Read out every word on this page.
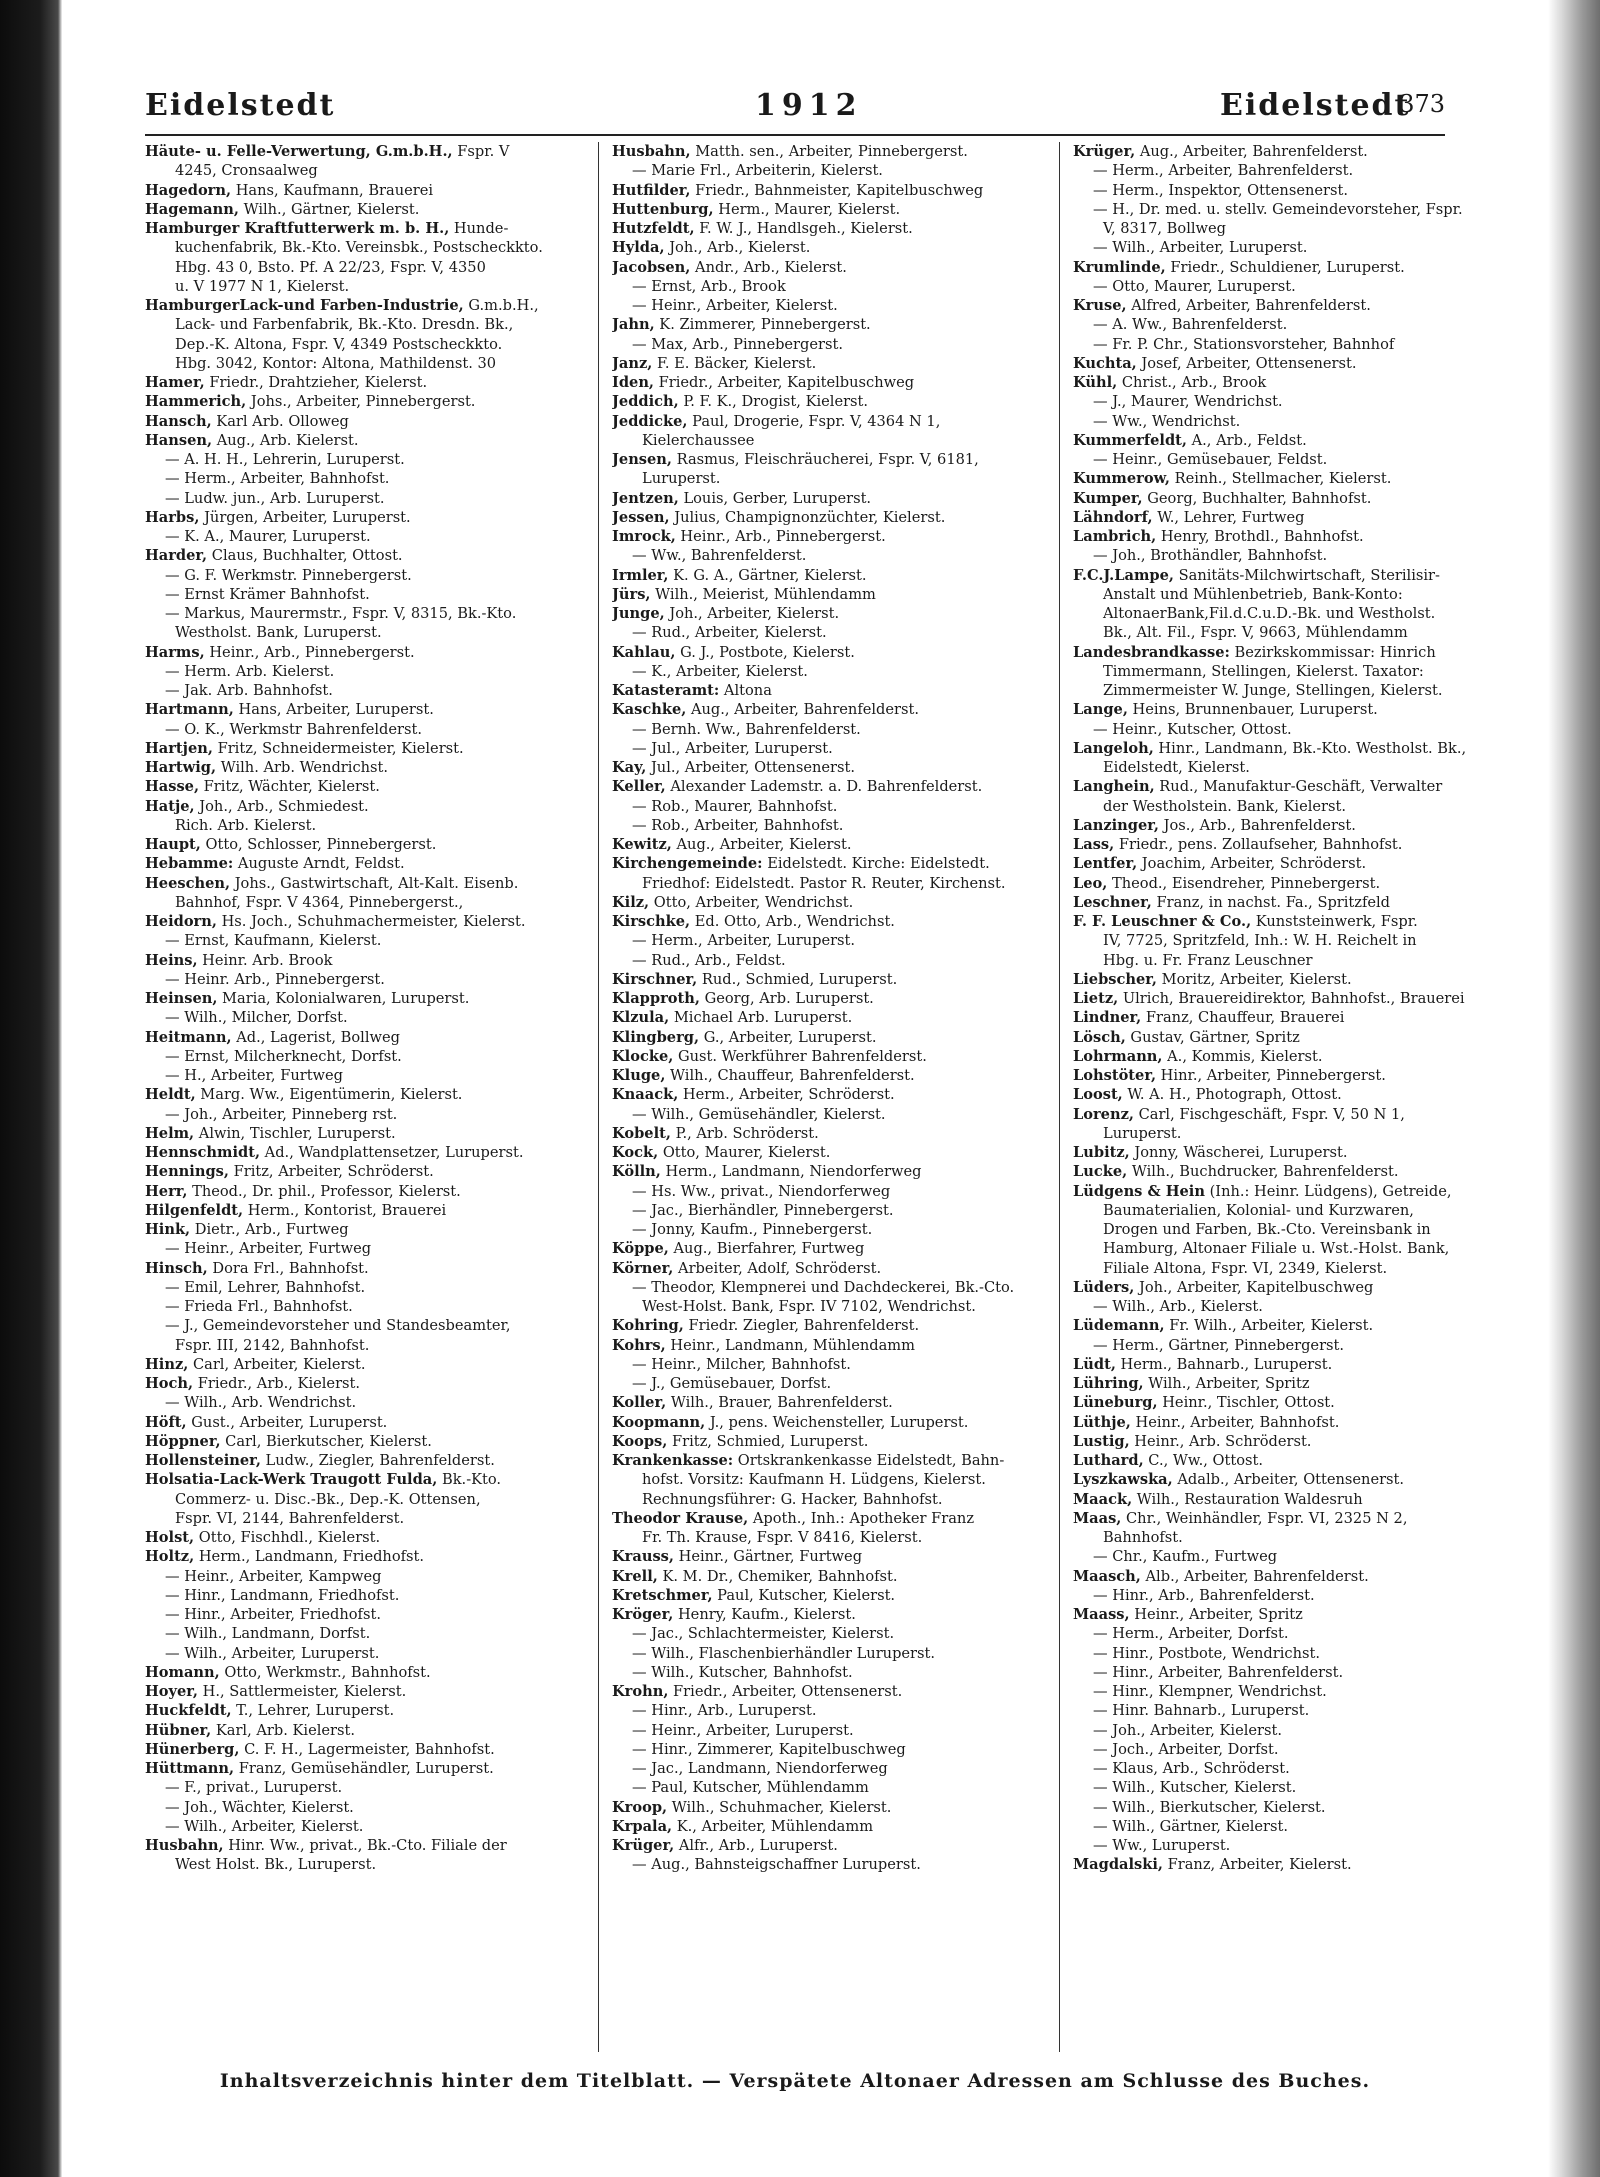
Eidelstedt	1912	Eidelstedt
373
Häute- u. Felle-Verwertung, G.m.b.H., Fspr. V
4245, Cronsaalweg
Hagedorn, Hans, Kaufmann, Brauerei
Hagemann, Wilh., Gärtner, Kielerst.
Hamburger Kraftfutterwerk m. b. H., Hunde-
kuchenfabrik, Bk.-Kto. Vereinsbk., Postscheckkto.
Hbg. 43 0, Bsto. Pf. A 22/23, Fspr. V, 4350
u. V 1977 N 1, Kielerst.
HamburgerLack-und Farben-Industrie, G.m.b.H.,
Lack- und Farbenfabrik, Bk.-Kto. Dresdn. Bk.,
Dep.-K. Altona, Fspr. V, 4349 Postscheckkto.
Hbg. 3042, Kontor: Altona, Mathildenst. 30
Hamer, Friedr., Drahtzieher, Kielerst.
Hammerich, Johs., Arbeiter, Pinnebergerst.
Hansch, Karl Arb. Olloweg
Hansen, Aug., Arb. Kielerst.
— A. H. H., Lehrerin, Luruperst.
— Herm., Arbeiter, Bahnhofst.
— Ludw. jun., Arb. Luruperst.
Harbs, Jürgen, Arbeiter, Luruperst.
— K. A., Maurer, Luruperst.
Harder, Claus, Buchhalter, Ottost.
— G. F. Werkmstr. Pinnebergerst.
— Ernst Krämer Bahnhofst.
— Markus, Maurermstr., Fspr. V, 8315, Bk.-Kto.
Westholst. Bank, Luruperst.
Harms, Heinr., Arb., Pinnebergerst.
— Herm. Arb. Kielerst.
— Jak. Arb. Bahnhofst.
Hartmann, Hans, Arbeiter, Luruperst.
— O. K., Werkmstr Bahrenfelderst.
Hartjen, Fritz, Schneidermeister, Kielerst.
Hartwig, Wilh. Arb. Wendrichst.
Hasse, Fritz, Wächter, Kielerst.
Hatje, Joh., Arb., Schmiedest.
Rich. Arb. Kielerst.
Haupt, Otto, Schlosser, Pinnebergerst.
Hebamme: Auguste Arndt, Feldst.
Heeschen, Johs., Gastwirtschaft, Alt-Kalt. Eisenb.
Bahnhof, Fspr. V 4364, Pinnebergerst.,
Heidorn, Hs. Joch., Schuhmachermeister, Kielerst.
— Ernst, Kaufmann, Kielerst.
Heins, Heinr. Arb. Brook
— Heinr. Arb., Pinnebergerst.
Heinsen, Maria, Kolonialwaren, Luruperst.
— Wilh., Milcher, Dorfst.
Heitmann, Ad., Lagerist, Bollweg
— Ernst, Milcherknecht, Dorfst.
— H., Arbeiter, Furtweg
Heldt, Marg. Ww., Eigentümerin, Kielerst.
— Joh., Arbeiter, Pinneberg rst.
Helm, Alwin, Tischler, Luruperst.
Hennschmidt, Ad., Wandplattensetzer, Luruperst.
Hennings, Fritz, Arbeiter, Schröderst.
Herr, Theod., Dr. phil., Professor, Kielerst.
Hilgenfeldt, Herm., Kontorist, Brauerei
Hink, Dietr., Arb., Furtweg
— Heinr., Arbeiter, Furtweg
Hinsch, Dora Frl., Bahnhofst.
— Emil, Lehrer, Bahnhofst.
— Frieda Frl., Bahnhofst.
— J., Gemeindevorsteher und Standesbeamter,
Fspr. III, 2142, Bahnhofst.
Hinz, Carl, Arbeiter, Kielerst.
Hoch, Friedr., Arb., Kielerst.
— Wilh., Arb. Wendrichst.
Höft, Gust., Arbeiter, Luruperst.
Höppner, Carl, Bierkutscher, Kielerst.
Hollensteiner, Ludw., Ziegler, Bahrenfelderst.
Holsatia-Lack-Werk Traugott Fulda, Bk.-Kto.
Commerz- u. Disc.-Bk., Dep.-K. Ottensen,
Fspr. VI, 2144, Bahrenfelderst.
Holst, Otto, Fischhdl., Kielerst.
Holtz, Herm., Landmann, Friedhofst.
— Heinr., Arbeiter, Kampweg
— Hinr., Landmann, Friedhofst.
— Hinr., Arbeiter, Friedhofst.
— Wilh., Landmann, Dorfst.
— Wilh., Arbeiter, Luruperst.
Homann, Otto, Werkmstr., Bahnhofst.
Hoyer, H., Sattlermeister, Kielerst.
Huckfeldt, T., Lehrer, Luruperst.
Hübner, Karl, Arb. Kielerst.
Hünerberg, C. F. H., Lagermeister, Bahnhofst.
Hüttmann, Franz, Gemüsehändler, Luruperst.
— F., privat., Luruperst.
— Joh., Wächter, Kielerst.
— Wilh., Arbeiter, Kielerst.
Husbahn, Hinr. Ww., privat., Bk.-Cto. Filiale der
West Holst. Bk., Luruperst.
Husbahn, Matth. sen., Arbeiter, Pinnebergerst.
— Marie Frl., Arbeiterin, Kielerst.
Hutfilder, Friedr., Bahnmeister, Kapitelbuschweg
Huttenburg, Herm., Maurer, Kielerst.
Hutzfeldt, F. W. J., Handlsgeh., Kielerst.
Hylda, Joh., Arb., Kielerst.
Jacobsen, Andr., Arb., Kielerst.
— Ernst, Arb., Brook
— Heinr., Arbeiter, Kielerst.
Jahn, K. Zimmerer, Pinnebergerst.
— Max, Arb., Pinnebergerst.
Janz, F. E. Bäcker, Kielerst.
Iden, Friedr., Arbeiter, Kapitelbuschweg
Jeddich, P. F. K., Drogist, Kielerst.
Jeddicke, Paul, Drogerie, Fspr. V, 4364 N 1,
Kielerchaussee
Jensen, Rasmus, Fleischräucherei, Fspr. V, 6181,
Luruperst.
Jentzen, Louis, Gerber, Luruperst.
Jessen, Julius, Champignonzüchter, Kielerst.
Imrock, Heinr., Arb., Pinnebergerst.
— Ww., Bahrenfelderst.
Irmler, K. G. A., Gärtner, Kielerst.
Jürs, Wilh., Meierist, Mühlendamm
Junge, Joh., Arbeiter, Kielerst.
— Rud., Arbeiter, Kielerst.
Kahlau, G. J., Postbote, Kielerst.
— K., Arbeiter, Kielerst.
Katasteramt: Altona
Kaschke, Aug., Arbeiter, Bahrenfelderst.
— Bernh. Ww., Bahrenfelderst.
— Jul., Arbeiter, Luruperst.
Kay, Jul., Arbeiter, Ottensenerst.
Keller, Alexander Lademstr. a. D. Bahrenfelderst.
— Rob., Maurer, Bahnhofst.
— Rob., Arbeiter, Bahnhofst.
Kewitz, Aug., Arbeiter, Kielerst.
Kirchengemeinde: Eidelstedt. Kirche: Eidelstedt.
Friedhof: Eidelstedt. Pastor R. Reuter, Kirchenst.
Kilz, Otto, Arbeiter, Wendrichst.
Kirschke, Ed. Otto, Arb., Wendrichst.
— Herm., Arbeiter, Luruperst.
— Rud., Arb., Feldst.
Kirschner, Rud., Schmied, Luruperst.
Klapproth, Georg, Arb. Luruperst.
Klzula, Michael Arb. Luruperst.
Klingberg, G., Arbeiter, Luruperst.
Klocke, Gust. Werkführer Bahrenfelderst.
Kluge, Wilh., Chauffeur, Bahrenfelderst.
Knaack, Herm., Arbeiter, Schröderst.
— Wilh., Gemüsehändler, Kielerst.
Kobelt, P., Arb. Schröderst.
Kock, Otto, Maurer, Kielerst.
Kölln, Herm., Landmann, Niendorferweg
— Hs. Ww., privat., Niendorferweg
— Jac., Bierhändler, Pinnebergerst.
— Jonny, Kaufm., Pinnebergerst.
Köppe, Aug., Bierfahrer, Furtweg
Körner, Arbeiter, Adolf, Schröderst.
— Theodor, Klempnerei und Dachdeckerei, Bk.-Cto.
West-Holst. Bank, Fspr. IV 7102, Wendrichst.
Kohring, Friedr. Ziegler, Bahrenfelderst.
Kohrs, Heinr., Landmann, Mühlendamm
— Heinr., Milcher, Bahnhofst.
— J., Gemüsebauer, Dorfst.
Koller, Wilh., Brauer, Bahrenfelderst.
Koopmann, J., pens. Weichensteller, Luruperst.
Koops, Fritz, Schmied, Luruperst.
Krankenkasse: Ortskrankenkasse Eidelstedt, Bahn-
hofst. Vorsitz: Kaufmann H. Lüdgens, Kielerst.
Rechnungsführer: G. Hacker, Bahnhofst.
Theodor Krause, Apoth., Inh.: Apotheker Franz
Fr. Th. Krause, Fspr. V 8416, Kielerst.
Krauss, Heinr., Gärtner, Furtweg
Krell, K. M. Dr., Chemiker, Bahnhofst.
Kretschmer, Paul, Kutscher, Kielerst.
Kröger, Henry, Kaufm., Kielerst.
— Jac., Schlachtermeister, Kielerst.
— Wilh., Flaschenbierhändler Luruperst.
— Wilh., Kutscher, Bahnhofst.
Krohn, Friedr., Arbeiter, Ottensenerst.
— Hinr., Arb., Luruperst.
— Heinr., Arbeiter, Luruperst.
— Hinr., Zimmerer, Kapitelbuschweg
— Jac., Landmann, Niendorferweg
— Paul, Kutscher, Mühlendamm
Kroop, Wilh., Schuhmacher, Kielerst.
Krpala, K., Arbeiter, Mühlendamm
Krüger, Alfr., Arb., Luruperst.
— Aug., Bahnsteigschaffner Luruperst.
Krüger, Aug., Arbeiter, Bahrenfelderst.
— Herm., Arbeiter, Bahrenfelderst.
— Herm., Inspektor, Ottensenerst.
— H., Dr. med. u. stellv. Gemeindevorsteher, Fspr.
V, 8317, Bollweg
— Wilh., Arbeiter, Luruperst.
Krumlinde, Friedr., Schuldiener, Luruperst.
— Otto, Maurer, Luruperst.
Kruse, Alfred, Arbeiter, Bahrenfelderst.
— A. Ww., Bahrenfelderst.
— Fr. P. Chr., Stationsvorsteher, Bahnhof
Kuchta, Josef, Arbeiter, Ottensenerst.
Kühl, Christ., Arb., Brook
— J., Maurer, Wendrichst.
— Ww., Wendrichst.
Kummerfeldt, A., Arb., Feldst.
— Heinr., Gemüsebauer, Feldst.
Kummerow, Reinh., Stellmacher, Kielerst.
Kumper, Georg, Buchhalter, Bahnhofst.
Lähndorf, W., Lehrer, Furtweg
Lambrich, Henry, Brothdl., Bahnhofst.
— Joh., Brothändler, Bahnhofst.
F.C.J.Lampe, Sanitäts-Milchwirtschaft, Sterilisir-
Anstalt und Mühlenbetrieb, Bank-Konto:
AltonaerBank,Fil.d.C.u.D.-Bk. und Westholst.
Bk., Alt. Fil., Fspr. V, 9663, Mühlendamm
Landesbrandkasse: Bezirkskommissar: Hinrich
Timmermann, Stellingen, Kielerst. Taxator:
Zimmermeister W. Junge, Stellingen, Kielerst.
Lange, Heins, Brunnenbauer, Luruperst.
— Heinr., Kutscher, Ottost.
Langeloh, Hinr., Landmann, Bk.-Kto. Westholst. Bk.,
Eidelstedt, Kielerst.
Langhein, Rud., Manufaktur-Geschäft, Verwalter
der Westholstein. Bank, Kielerst.
Lanzinger, Jos., Arb., Bahrenfelderst.
Lass, Friedr., pens. Zollaufseher, Bahnhofst.
Lentfer, Joachim, Arbeiter, Schröderst.
Leo, Theod., Eisendreher, Pinnebergerst.
Leschner, Franz, in nachst. Fa., Spritzfeld
F. F. Leuschner & Co., Kunststeinwerk, Fspr.
IV, 7725, Spritzfeld, Inh.: W. H. Reichelt in
Hbg. u. Fr. Franz Leuschner
Liebscher, Moritz, Arbeiter, Kielerst.
Lietz, Ulrich, Brauereidirektor, Bahnhofst., Brauerei
Lindner, Franz, Chauffeur, Brauerei
Lösch, Gustav, Gärtner, Spritz
Lohrmann, A., Kommis, Kielerst.
Lohstöter, Hinr., Arbeiter, Pinnebergerst.
Loost, W. A. H., Photograph, Ottost.
Lorenz, Carl, Fischgeschäft, Fspr. V, 50 N 1,
Luruperst.
Lubitz, Jonny, Wäscherei, Luruperst.
Lucke, Wilh., Buchdrucker, Bahrenfelderst.
Lüdgens & Hein (Inh.: Heinr. Lüdgens), Getreide,
Baumaterialien, Kolonial- und Kurzwaren,
Drogen und Farben, Bk.-Cto. Vereinsbank in
Hamburg, Altonaer Filiale u. Wst.-Holst. Bank,
Filiale Altona, Fspr. VI, 2349, Kielerst.
Lüders, Joh., Arbeiter, Kapitelbuschweg
— Wilh., Arb., Kielerst.
Lüdemann, Fr. Wilh., Arbeiter, Kielerst.
— Herm., Gärtner, Pinnebergerst.
Lüdt, Herm., Bahnarb., Luruperst.
Lühring, Wilh., Arbeiter, Spritz
Lüneburg, Heinr., Tischler, Ottost.
Lüthje, Heinr., Arbeiter, Bahnhofst.
Lustig, Heinr., Arb. Schröderst.
Luthard, C., Ww., Ottost.
Lyszkawska, Adalb., Arbeiter, Ottensenerst.
Maack, Wilh., Restauration Waldesruh
Maas, Chr., Weinhändler, Fspr. VI, 2325 N 2,
Bahnhofst.
— Chr., Kaufm., Furtweg
Maasch, Alb., Arbeiter, Bahrenfelderst.
— Hinr., Arb., Bahrenfelderst.
Maass, Heinr., Arbeiter, Spritz
— Herm., Arbeiter, Dorfst.
— Hinr., Postbote, Wendrichst.
— Hinr., Arbeiter, Bahrenfelderst.
— Hinr., Klempner, Wendrichst.
— Hinr. Bahnarb., Luruperst.
— Joh., Arbeiter, Kielerst.
— Joch., Arbeiter, Dorfst.
— Klaus, Arb., Schröderst.
— Wilh., Kutscher, Kielerst.
— Wilh., Bierkutscher, Kielerst.
— Wilh., Gärtner, Kielerst.
— Ww., Luruperst.
Magdalski, Franz, Arbeiter, Kielerst.
Inhaltsverzeichnis hinter dem Titelblatt. — Verspätete Altonaer Adressen am Schlusse des Buches.
